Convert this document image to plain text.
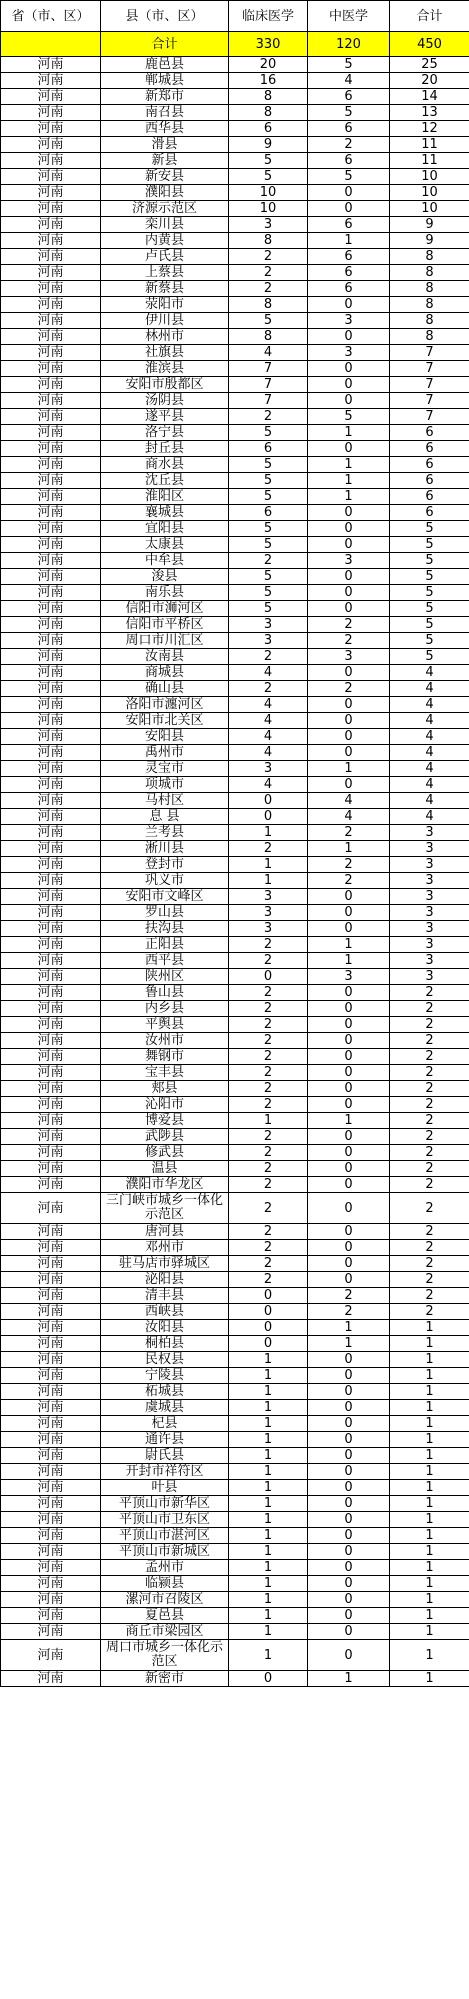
省（市、区）	县（市、区）	临床医学	中医学	合计
	合计	330	120	450
河南	鹿邑县	20	5	25
河南	郸城县	16	4	20
河南	新郑市	8	6	14
河南	南召县	8	5	13
河南	西华县	6	6	12
河南	滑县	9	2	11
河南	新县	5	6	11
河南	新安县	5	5	10
河南	濮阳县	10	0	10
河南	济源示范区	10	0	10
河南	栾川县	3	6	9
河南	内黄县	8	1	9
河南	卢氏县	2	6	8
河南	上蔡县	2	6	8
河南	新蔡县	2	6	8
河南	荥阳市	8	0	8
河南	伊川县	5	3	8
河南	林州市	8	0	8
河南	社旗县	4	3	7
河南	淮滨县	7	0	7
河南	安阳市殷都区	7	0	7
河南	汤阴县	7	0	7
河南	遂平县	2	5	7
河南	洛宁县	5	1	6
河南	封丘县	6	0	6
河南	商水县	5	1	6
河南	沈丘县	5	1	6
河南	淮阳区	5	1	6
河南	襄城县	6	0	6
河南	宜阳县	5	0	5
河南	太康县	5	0	5
河南	中牟县	2	3	5
河南	浚县	5	0	5
河南	南乐县	5	0	5
河南	信阳市浉河区	5	0	5
河南	信阳市平桥区	3	2	5
河南	周口市川汇区	3	2	5
河南	汝南县	2	3	5
河南	商城县	4	0	4
河南	确山县	2	2	4
河南	洛阳市瀍河区	4	0	4
河南	安阳市北关区	4	0	4
河南	安阳县	4	0	4
河南	禹州市	4	0	4
河南	灵宝市	3	1	4
河南	项城市	4	0	4
河南	马村区	0	4	4
河南	息 县	0	4	4
河南	兰考县	1	2	3
河南	淅川县	2	1	3
河南	登封市	1	2	3
河南	巩义市	1	2	3
河南	安阳市文峰区	3	0	3
河南	罗山县	3	0	3
河南	扶沟县	3	0	3
河南	正阳县	2	1	3
河南	西平县	2	1	3
河南	陕州区	0	3	3
河南	鲁山县	2	0	2
河南	内乡县	2	0	2
河南	平舆县	2	0	2
河南	汝州市	2	0	2
河南	舞钢市	2	0	2
河南	宝丰县	2	0	2
河南	郏县	2	0	2
河南	沁阳市	2	0	2
河南	博爱县	1	1	2
河南	武陟县	2	0	2
河南	修武县	2	0	2
河南	温县	2	0	2
河南	濮阳市华龙区	2	0	2
河南	三门峡市城乡一体化示范区	2	0	2
河南	唐河县	2	0	2
河南	邓州市	2	0	2
河南	驻马店市驿城区	2	0	2
河南	泌阳县	2	0	2
河南	清丰县	0	2	2
河南	西峡县	0	2	2
河南	汝阳县	0	1	1
河南	桐柏县	0	1	1
河南	民权县	1	0	1
河南	宁陵县	1	0	1
河南	柘城县	1	0	1
河南	虞城县	1	0	1
河南	杞县	1	0	1
河南	通许县	1	0	1
河南	尉氏县	1	0	1
河南	开封市祥符区	1	0	1
河南	叶县	1	0	1
河南	平顶山市新华区	1	0	1
河南	平顶山市卫东区	1	0	1
河南	平顶山市湛河区	1	0	1
河南	平顶山市新城区	1	0	1
河南	孟州市	1	0	1
河南	临颍县	1	0	1
河南	漯河市召陵区	1	0	1
河南	夏邑县	1	0	1
河南	商丘市梁园区	1	0	1
河南	周口市城乡一体化示范区	1	0	1
河南	新密市	0	1	1
